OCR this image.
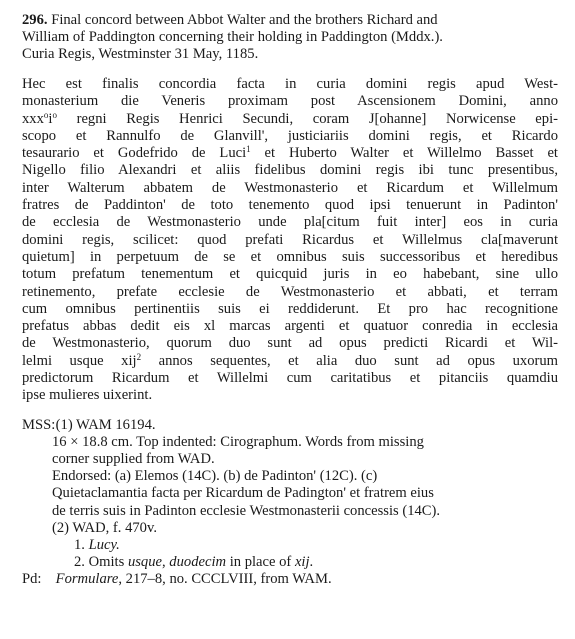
296. Final concord between Abbot Walter and the brothers Richard and
William of Paddington concerning their holding in Paddington (Mddx.).
Curia Regis, Westminster 31 May, 1185.

Hec est finalis concordia facta in curia domini regis apud West-
monasterium die Veneris proximam post Ascensionem Domini, anno
$xxx^oi^o$ regni Regis Henrici Secundi, coram J[ohanne] Norwicense epi-
scopo et Rannulfo de Glanvill', justiciariis domini regis, et Ricardo
tesaurario et Godefrido de Luci$^1$ et Huberto Walter et Willelmo Basset et
Nigello filio Alexandri et aliis fidelibus domini regis ibi tunc presentibus,
inter Walterum abbatem de Westmonasterio et Ricardum et Willelmum
fratres de Paddinton' de toto tenemento quod ipsi tenuerunt in Padinton'
de ecclesia de Westmonasterio unde pla[citum fuit inter] eos in curia
domini regis, scilicet: quod prefati Ricardus et Willelmus cla[maverunt
quietum] in perpetuum de se et omnibus suis successoribus et heredibus
totum prefatum tenementum et quicquid juris in eo habebant, sine ullo
retinemento, prefate ecclesie de Westmonasterio et abbati, et terram
cum omnibus pertinentiis suis ei reddiderunt. Et pro hac recognitione
prefatus abbas dedit eis xl marcas argenti et quatuor conredia in ecclesia
de Westmonasterio, quorum duo sunt ad opus predicti Ricardi et Wil-
lelmi usque xij$^2$ annos sequentes, et alia duo sunt ad opus uxorum
predictorum Ricardum et Willelmi cum caritatibus et pitanciis quamdiu
ipse mulieres uixerint.

MSS: (1) WAM 16194.
16 × 18.8 cm. Top indented: Cirographum. Words from missing
corner supplied from WAD.
Endorsed: (a) Elemos (14C). (b) de Padinton' (12C). (c)
Quietaclamantia facta per Ricardum de Padington' et fratrem eius
de terris suis in Padinton ecclesie Westmonasterii concessis (14C).
(2) WAD, f. 470v.
1. Lucy.
2. Omits usque, duodecim in place of xij.
Pd: Formulare, 217–8, no. CCCLVIII, from WAM.
